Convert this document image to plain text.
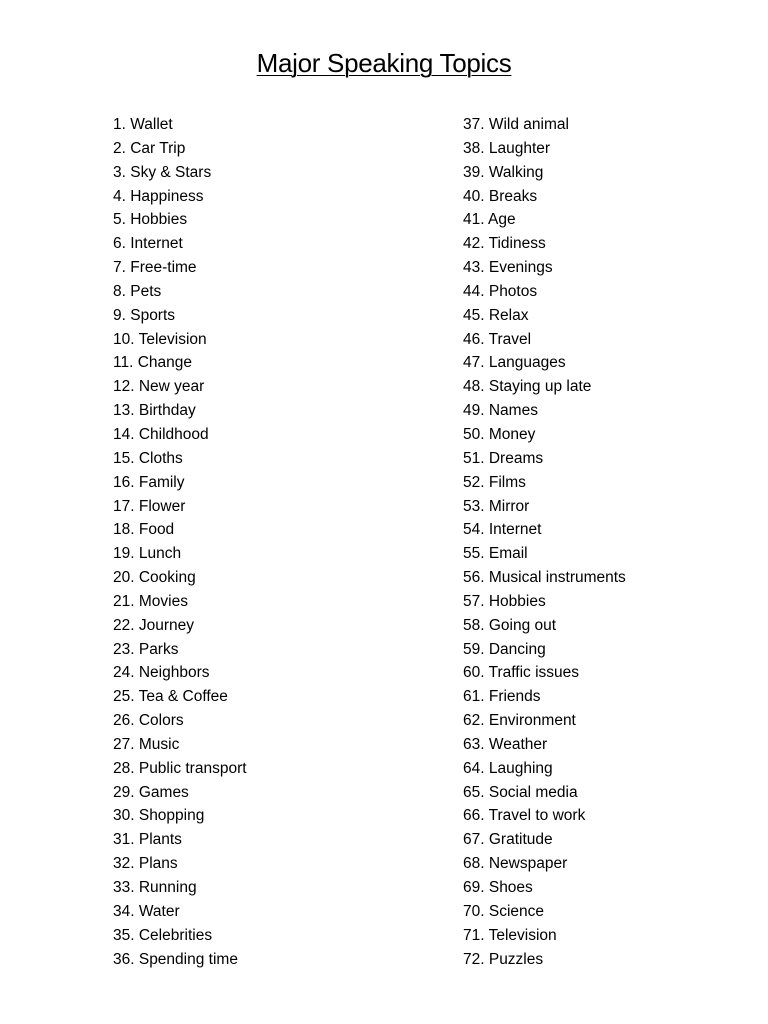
Major Speaking Topics
1. Wallet
2. Car Trip
3. Sky & Stars
4. Happiness
5. Hobbies
6. Internet
7. Free-time
8. Pets
9. Sports
10. Television
11. Change
12. New year
13. Birthday
14. Childhood
15. Cloths
16. Family
17. Flower
18. Food
19. Lunch
20. Cooking
21. Movies
22. Journey
23. Parks
24. Neighbors
25. Tea & Coffee
26. Colors
27. Music
28. Public transport
29. Games
30. Shopping
31. Plants
32. Plans
33. Running
34. Water
35. Celebrities
36. Spending time
37. Wild animal
38. Laughter
39. Walking
40. Breaks
41. Age
42. Tidiness
43. Evenings
44. Photos
45. Relax
46. Travel
47. Languages
48. Staying up late
49. Names
50. Money
51. Dreams
52. Films
53. Mirror
54. Internet
55. Email
56. Musical instruments
57. Hobbies
58. Going out
59. Dancing
60. Traffic issues
61. Friends
62. Environment
63. Weather
64. Laughing
65. Social media
66. Travel to work
67. Gratitude
68. Newspaper
69. Shoes
70. Science
71. Television
72. Puzzles
